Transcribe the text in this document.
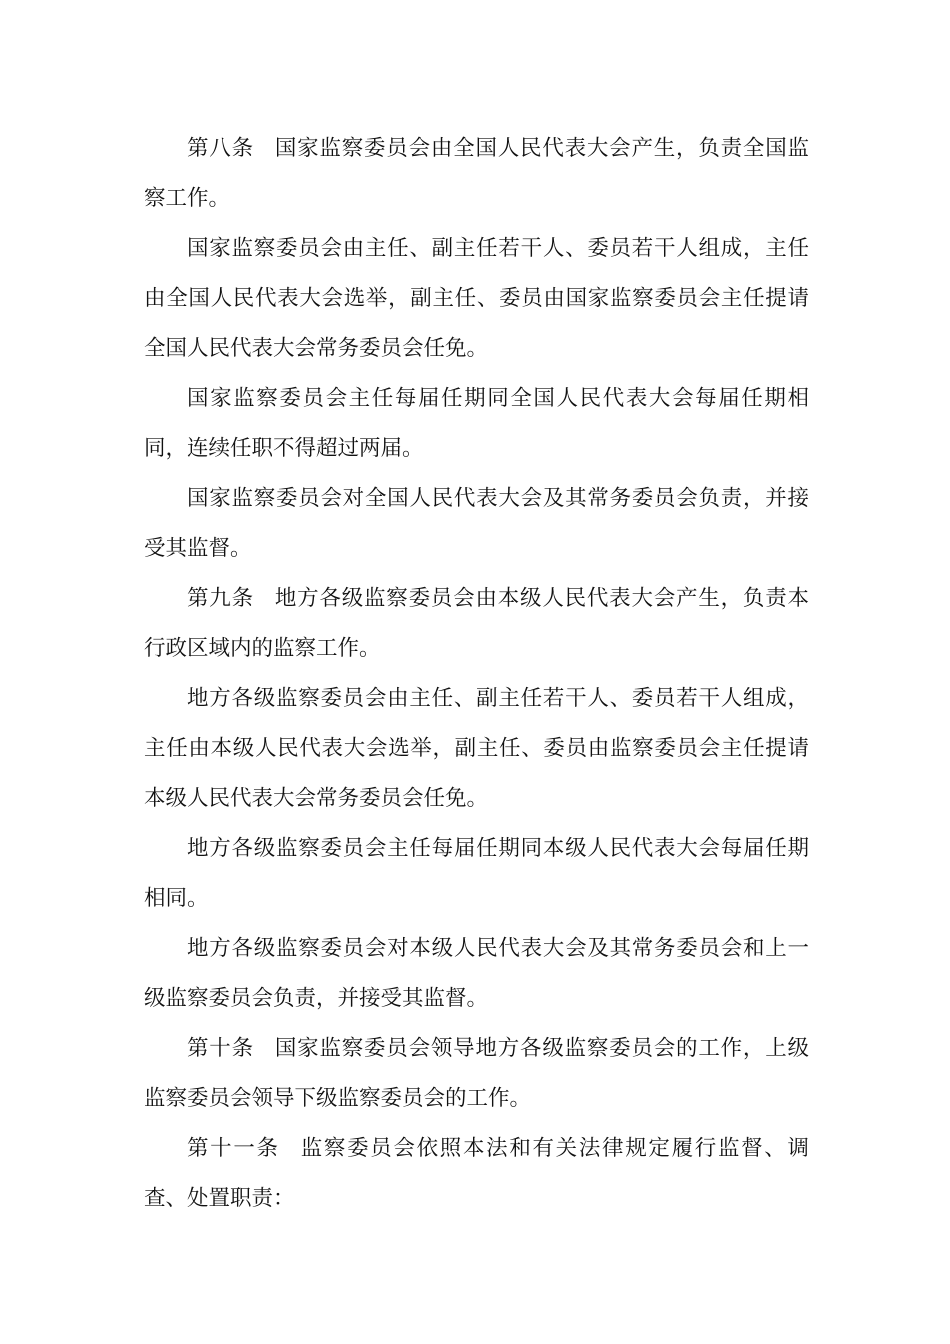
第八条 国家监察委员会由全国人民代表大会产生，负责全国监察工作。

国家监察委员会由主任、副主任若干人、委员若干人组成，主任由全国人民代表大会选举，副主任、委员由国家监察委员会主任提请全国人民代表大会常务委员会任免。

国家监察委员会主任每届任期同全国人民代表大会每届任期相同，连续任职不得超过两届。

国家监察委员会对全国人民代表大会及其常务委员会负责，并接受其监督。

第九条 地方各级监察委员会由本级人民代表大会产生，负责本行政区域内的监察工作。

地方各级监察委员会由主任、副主任若干人、委员若干人组成，主任由本级人民代表大会选举，副主任、委员由监察委员会主任提请本级人民代表大会常务委员会任免。

地方各级监察委员会主任每届任期同本级人民代表大会每届任期相同。

地方各级监察委员会对本级人民代表大会及其常务委员会和上一级监察委员会负责，并接受其监督。

第十条 国家监察委员会领导地方各级监察委员会的工作，上级监察委员会领导下级监察委员会的工作。

第十一条 监察委员会依照本法和有关法律规定履行监督、调查、处置职责：
